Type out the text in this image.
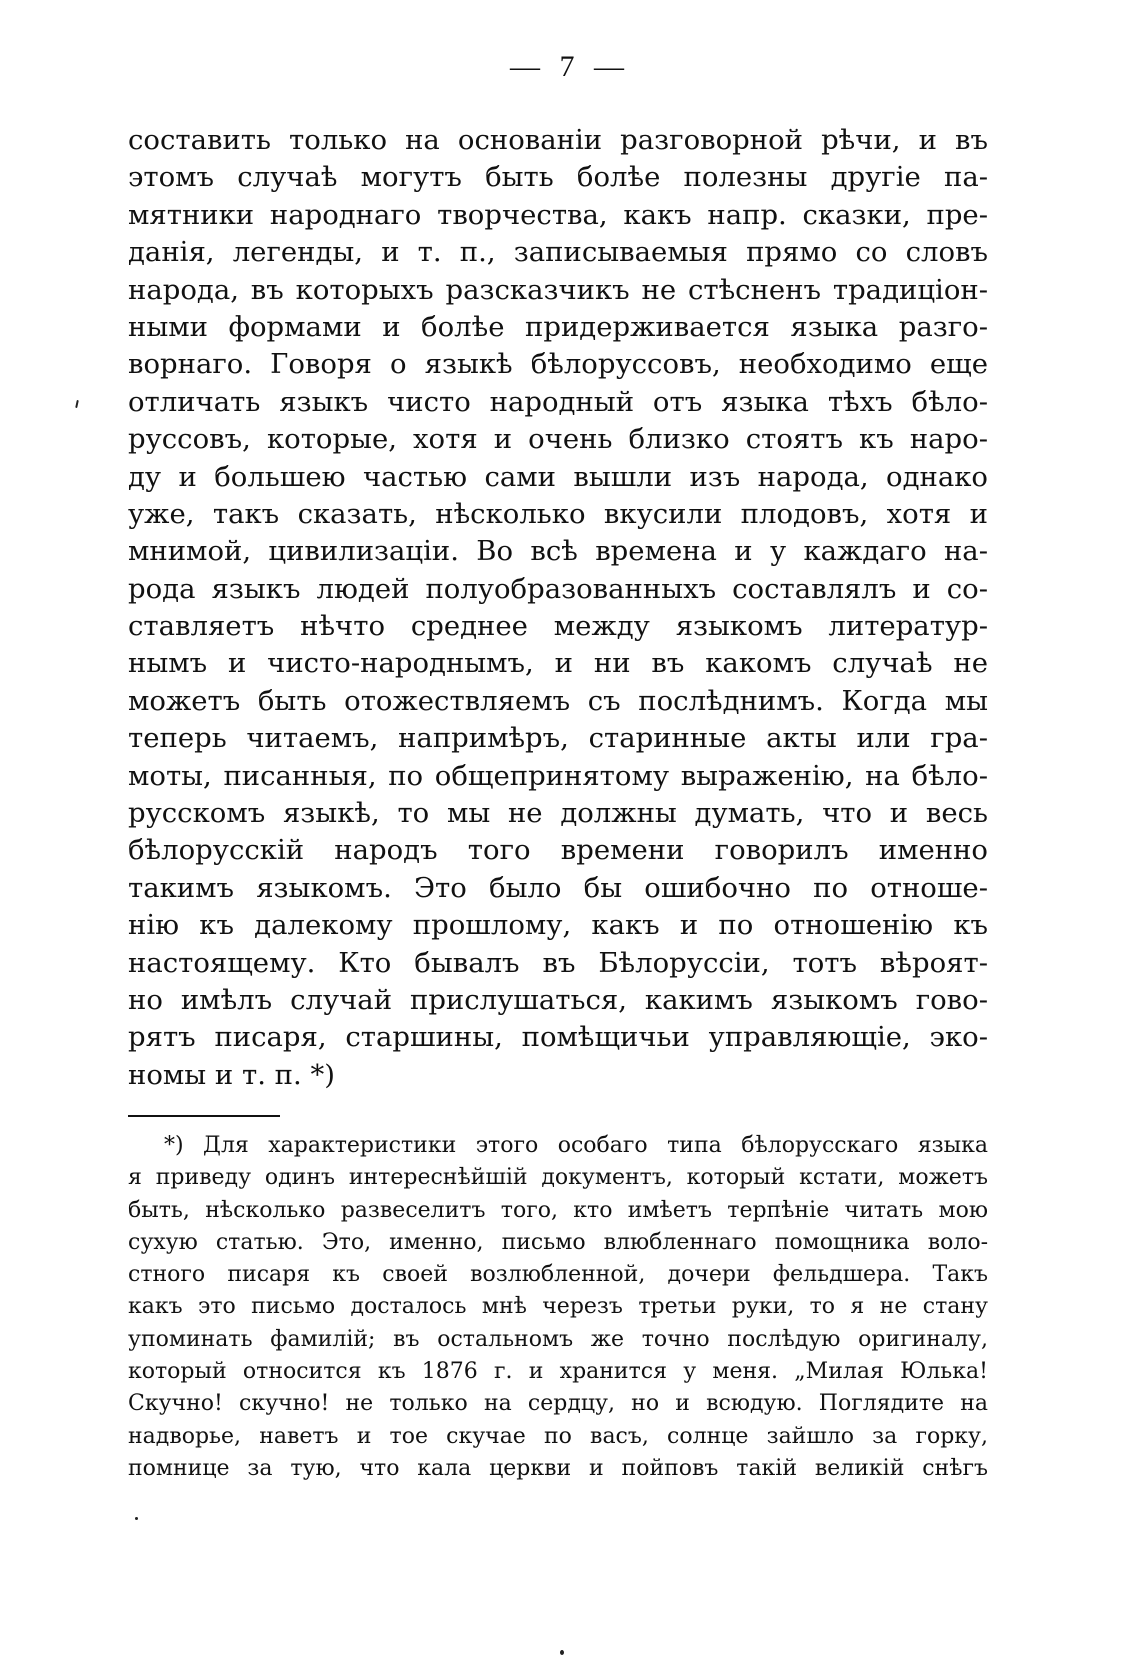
— 7 —
составить только на основанiи разговорной рѣчи, и въ
этомъ случаѣ могутъ быть болѣе полезны другiе па-
мятники народнаго творчества, какъ напр. сказки, пре-
данiя, легенды, и т. п., записываемыя прямо со словъ
народа, въ которыхъ разсказчикъ не стѣсненъ традицiон-
ными формами и болѣе придерживается языка разго-
ворнаго. Говоря о языкѣ бѣлоруссовъ, необходимо еще
отличать языкъ чисто народный отъ языка тѣхъ бѣло-
руссовъ, которые, хотя и очень близко стоятъ къ наро-
ду и большею частью сами вышли изъ народа, однако
уже, такъ сказать, нѣсколько вкусили плодовъ, хотя и
мнимой, цивилизацiи. Во всѣ времена и у каждаго на-
рода языкъ людей полуобразованныхъ составлялъ и со-
ставляетъ нѣчто среднее между языкомъ литератур-
нымъ и чисто-народнымъ, и ни въ какомъ случаѣ не
можетъ быть отожествляемъ съ послѣднимъ. Когда мы
теперь читаемъ, напримѣръ, старинные акты или гра-
моты, писанныя, по общепринятому выраженiю, на бѣло-
русскомъ языкѣ, то мы не должны думать, что и весь
бѣлорусскiй народъ того времени говорилъ именно
такимъ языкомъ. Это было бы ошибочно по отноше-
нiю къ далекому прошлому, какъ и по отношенiю къ
настоящему. Кто бывалъ въ Бѣлоруссiи, тотъ вѣроят-
но имѣлъ случай прислушаться, какимъ языкомъ гово-
рятъ писаря, старшины, помѣщичьи управляющiе, эко-
номы и т. п. *)
*) Для характеристики этого особаго типа бѣлорусскаго языка
я приведу одинъ интереснѣйшiй документъ, который кстати, можетъ
быть, нѣсколько развеселитъ того, кто имѣетъ терпѣнiе читать мою
сухую статью. Это, именно, письмо влюбленнаго помощника воло-
стного писаря къ своей возлюбленной, дочери фельдшера. Такъ
какъ это письмо досталось мнѣ черезъ третьи руки, то я не стану
упоминать фамилiй; въ остальномъ же точно послѣдую оригиналу,
который относится къ 1876 г. и хранится у меня. „Милая Юлька!
Скучно! скучно! не только на сердцу, но и всюдую. Поглядите на
надворье, наветъ и тое скучае по васъ, солнце зайшло за горку,
помнице за тую, что кала церкви и пойповъ такiй великiй снѣгъ
